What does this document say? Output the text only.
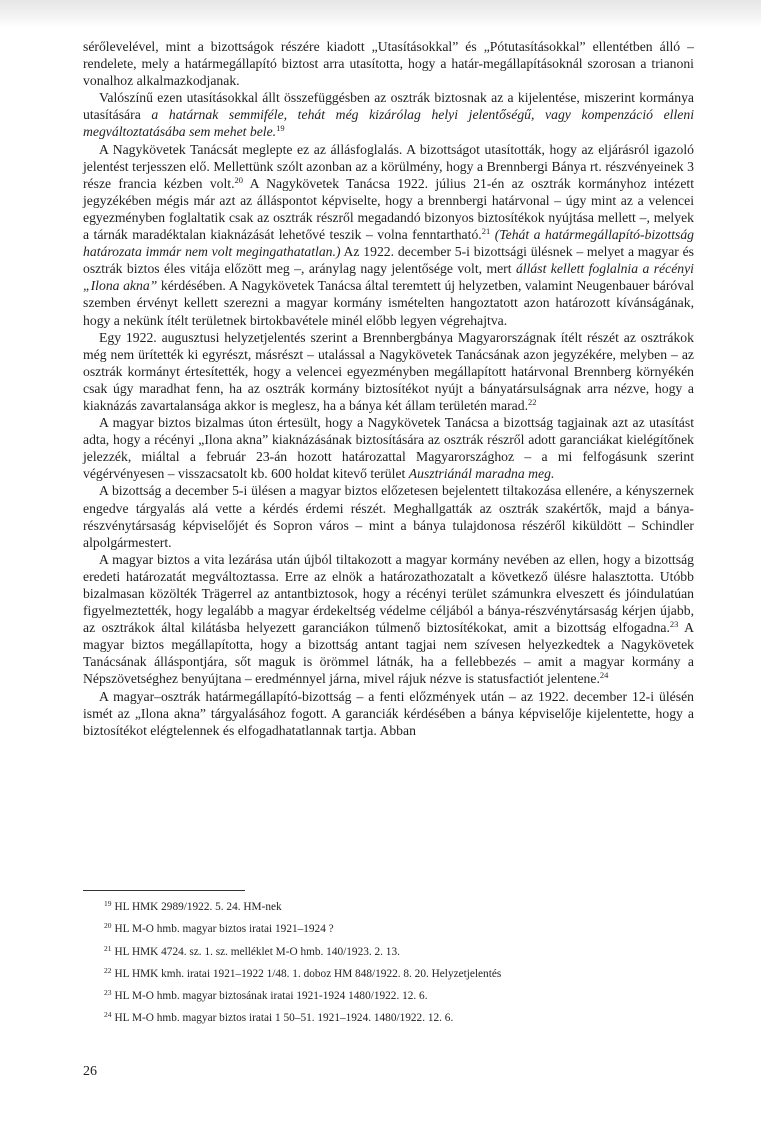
sérőlevelével, mint a bizottságok részére kiadott „Utasításokkal” és „Pótutasításokkal” ellentétben álló – rendelete, mely a határmegállapító biztost arra utasította, hogy a határ-megállapításoknál szorosan a trianoni vonalhoz alkalmazkodjanak.

Valószínű ezen utasításokkal állt összefüggésben az osztrák biztosnak az a kijelentése, miszerint kormánya utasítására a határnak semmiféle, tehát még kizárólag helyi jelentőségű, vagy kompenzáció elleni megváltoztatásába sem mehet bele.$^{19}$

A Nagykövetek Tanácsát meglepte ez az állásfoglalás. A bizottságot utasították, hogy az eljárásról igazoló jelentést terjesszen elő. Mellettünk szólt azonban az a körülmény, hogy a Brennbergi Bánya rt. részvényeinek 3 része francia kézben volt.$^{20}$ A Nagykövetek Tanácsa 1922. július 21-én az osztrák kormányhoz intézett jegyzékében mégis már azt az álláspontot képviselte, hogy a brennbergi határvonal – úgy mint az a velencei egyezményben foglaltatik csak az osztrák részről megadandó bizonyos biztosítékok nyújtása mellett –, melyek a tárnák maradéktalan kiaknázását lehetővé teszik – volna fenntartható.$^{21}$ (Tehát a határmegállapító-bizottság határozata immár nem volt megingathatatlan.) Az 1922. december 5-i bizottsági ülésnek – melyet a magyar és osztrák biztos éles vitája előzött meg –, aránylag nagy jelentősége volt, mert állást kellett foglalnia a récényi „Ilona akna” kérdésében. A Nagykövetek Tanácsa által teremtett új helyzetben, valamint Neugenbauer báróval szemben érvényt kellett szerezni a magyar kormány ismételten hangoztatott azon határozott kívánságának, hogy a nekünk ítélt területnek birtokbavétele minél előbb legyen végrehajtva.

Egy 1922. augusztusi helyzetjelentés szerint a Brennbergbánya Magyarországnak ítélt részét az osztrákok még nem ürítették ki egyrészt, másrészt – utalással a Nagykövetek Tanácsának azon jegyzékére, melyben – az osztrák kormányt értesítették, hogy a velencei egyezményben megállapított határvonal Brennberg környékén csak úgy maradhat fenn, ha az osztrák kormány biztosítékot nyújt a bányatársulságnak arra nézve, hogy a kiaknázás zavartalansága akkor is meglesz, ha a bánya két állam területén marad.$^{22}$

A magyar biztos bizalmas úton értesült, hogy a Nagykövetek Tanácsa a bizottság tagjainak azt az utasítást adta, hogy a récényi „Ilona akna” kiaknázásának biztosítására az osztrák részről adott garanciákat kielégítőnek jelezzék, miáltal a február 23-án hozott határozattal Magyarországhoz – a mi felfogásunk szerint végérvényesen – visszacsatolt kb. 600 holdat kitevő terület Ausztriánál maradna meg.

A bizottság a december 5-i ülésen a magyar biztos előzetesen bejelentett tiltakozása ellenére, a kényszernek engedve tárgyalás alá vette a kérdés érdemi részét. Meghallgatták az osztrák szakértők, majd a bánya-részvénytársaság képviselőjét és Sopron város – mint a bánya tulajdonosa részéről kiküldött – Schindler alpolgármestert.

A magyar biztos a vita lezárása után újból tiltakozott a magyar kormány nevében az ellen, hogy a bizottság eredeti határozatát megváltoztassa. Erre az elnök a határozathozatalt a következő ülésre halasztotta. Utóbb bizalmasan közölték Trägerrel az antantbiztosok, hogy a récényi terület számunkra elveszett és jóindulatúan figyelmeztették, hogy legalább a magyar érdekeltség védelme céljából a bánya-részvénytársaság kérjen újabb, az osztrákok által kilátásba helyezett garanciákon túlmenő biztosítékokat, amit a bizottság elfogadna.$^{23}$ A magyar biztos megállapította, hogy a bizottság antant tagjai nem szívesen helyezkedtek a Nagykövetek Tanácsának álláspontjára, sőt maguk is örömmel látnák, ha a fellebbezés – amit a magyar kormány a Népszövetséghez benyújtana – eredménnyel járna, mivel rájuk nézve is statusfactiót jelentene.$^{24}$

A magyar–osztrák határmegállapító-bizottság – a fenti előzmények után – az 1922. december 12-i ülésén ismét az „Ilona akna” tárgyalásához fogott. A garanciák kérdésében a bánya képviselője kijelentette, hogy a biztosítékot elégtelennek és elfogadhatatlannak tartja. Abban

$^{19}$ HL HMK 2989/1922. 5. 24. HM-nek
$^{20}$ HL M-O hmb. magyar biztos iratai 1921–1924 ?
$^{21}$ HL HMK 4724. sz. 1. sz. melléklet M-O hmb. 140/1923. 2. 13.
$^{22}$ HL HMK kmh. iratai 1921–1922 1/48. 1. doboz HM 848/1922. 8. 20. Helyzetjelentés
$^{23}$ HL M-O hmb. magyar biztosának iratai 1921-1924 1480/1922. 12. 6.
$^{24}$ HL M-O hmb. magyar biztos iratai 1 50–51. 1921–1924. 1480/1922. 12. 6.
26
